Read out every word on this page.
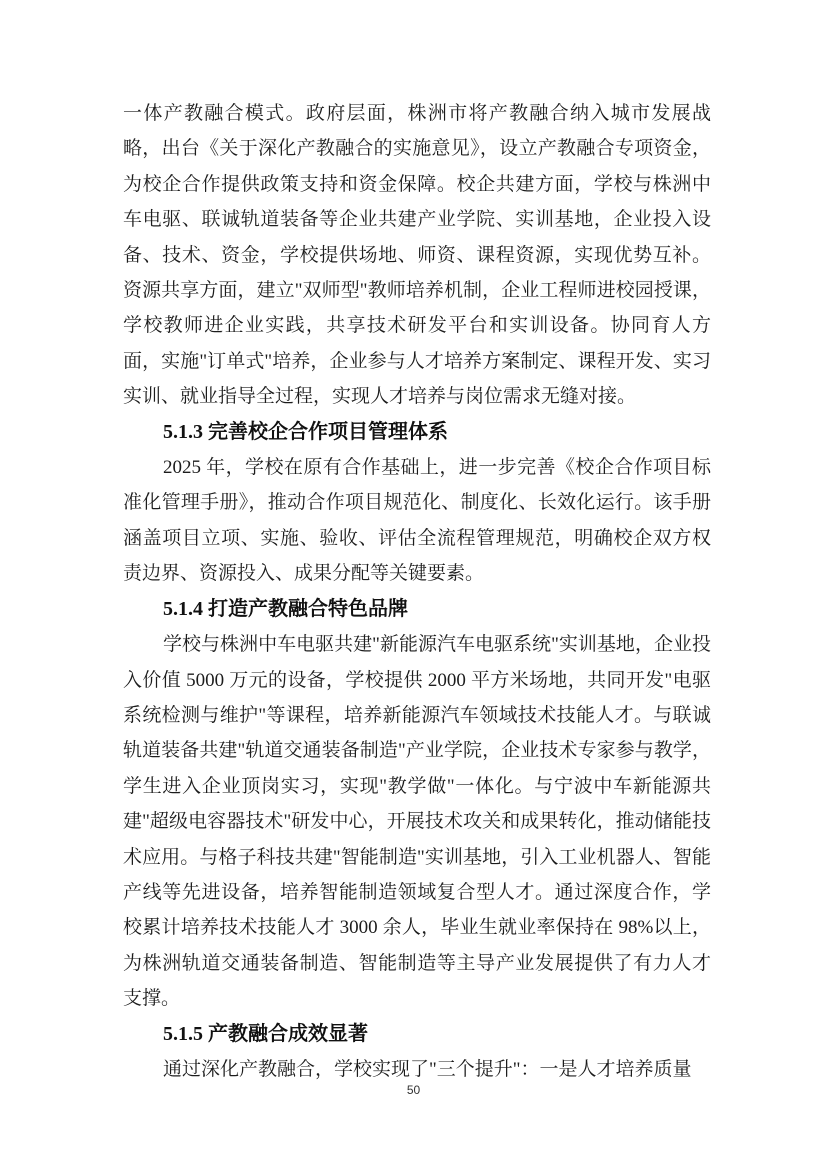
一体产教融合模式。政府层面，株洲市将产教融合纳入城市发展战略，出台《关于深化产教融合的实施意见》，设立产教融合专项资金，为校企合作提供政策支持和资金保障。校企共建方面，学校与株洲中车电驱、联诚轨道装备等企业共建产业学院、实训基地，企业投入设备、技术、资金，学校提供场地、师资、课程资源，实现优势互补。资源共享方面，建立"双师型"教师培养机制，企业工程师进校园授课，学校教师进企业实践，共享技术研发平台和实训设备。协同育人方面，实施"订单式"培养，企业参与人才培养方案制定、课程开发、实习实训、就业指导全过程，实现人才培养与岗位需求无缝对接。

5.1.3 完善校企合作项目管理体系

2025 年，学校在原有合作基础上，进一步完善《校企合作项目标准化管理手册》，推动合作项目规范化、制度化、长效化运行。该手册涵盖项目立项、实施、验收、评估全流程管理规范，明确校企双方权责边界、资源投入、成果分配等关键要素。

5.1.4 打造产教融合特色品牌

学校与株洲中车电驱共建"新能源汽车电驱系统"实训基地，企业投入价值 5000 万元的设备，学校提供 2000 平方米场地，共同开发"电驱系统检测与维护"等课程，培养新能源汽车领域技术技能人才。与联诚轨道装备共建"轨道交通装备制造"产业学院，企业技术专家参与教学，学生进入企业顶岗实习，实现"教学做"一体化。与宁波中车新能源共建"超级电容器技术"研发中心，开展技术攻关和成果转化，推动储能技术应用。与格子科技共建"智能制造"实训基地，引入工业机器人、智能产线等先进设备，培养智能制造领域复合型人才。通过深度合作，学校累计培养技术技能人才 3000 余人，毕业生就业率保持在 98%以上，为株洲轨道交通装备制造、智能制造等主导产业发展提供了有力人才支撑。

5.1.5 产教融合成效显著

通过深化产教融合，学校实现了"三个提升"：一是人才培养质量

50
